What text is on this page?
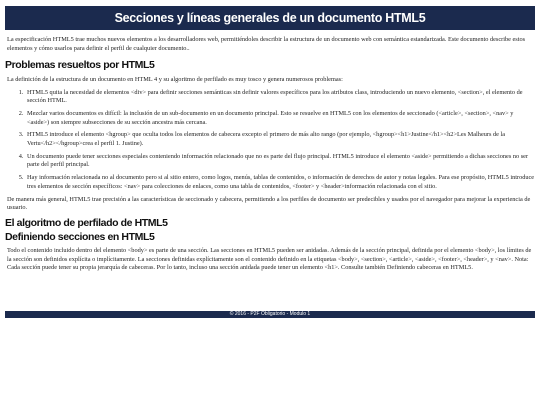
Secciones y líneas generales de un documento HTML5

La especificación HTML5 trae muchos nuevos elementos a los desarrolladores web, permitiéndoles describir la estructura de un documento web con semántica estandarizada. Este documento describe estos elementos y cómo usarlos para definir el perfil de cualquier documento..

Problemas resueltos por HTML5

La definición de la estructura de un documento en HTML 4 y su algoritmo de perfilado es muy tosco y genera numerosos problemas:

1. HTML5 quita la necesidad de elementos <div> para definir secciones semánticas sin definir valores específicos para los atributos class, introduciendo un nuevo elemento, <section>, el elemento de sección HTML.
2. Mezclar varios documentos es difícil: la inclusión de un sub-documento en un documento principal. Esto se resuelve en HTML5 con los elementos de seccionado (<article>, <section>, <nav> y <aside>) son siempre subsecciones de su sección ancestra más cercana.
3. HTML5 introduce el elemento <hgroup> que oculta todos los elementos de cabecera excepto el primero de más alto rango (por ejemplo, <hgroup><h1>Justine</h1><h2>Les Malheurs de la Vertu</h2></hgroup>crea el perfil 1. Justine).
4. Un documento puede tener secciones especiales conteniendo información relacionado que no es parte del flujo principal. HTML5 introduce el elemento <aside> permitiendo a dichas secciones no ser parte del perfil principal.
5. Hay información relacionada no al documento pero si al sitio entero, como logos, menús, tablas de contenidos, o información de derechos de autor y notas legales. Para ese propósito, HTML5 introduce tres elementos de sección específicos: <nav> para colecciones de enlaces, como una tabla de contenidos, <footer> y <header>información relacionada con el sitio.

De manera más general, HTML5 trae precisión a las características de seccionado y cabecera, permitiendo a los perfiles de documento ser predecibles y usados por el navegador para mejorar la experiencia de usuario.

El algoritmo de perfilado de HTML5
Definiendo secciones en HTML5

Todo el contenido incluido dentro del elemento <body> es parte de una sección. Las secciones en HTML5 pueden ser anidadas. Además de la sección principal, definida por el elemento <body>, los límites de la sección son definidos explícita o implícitamente. La secciones definidas explícitamente son el contenido definido en la etiquetas <body>, <section>, <article>, <aside>, <footer>, <header>, y <nav>. Nota: Cada sección puede tener su propia jerarquía de cabeceras. Por lo tanto, incluso una sección anidada puede tener un elemento <h1>. Consulte también Definiendo cabeceras en HTML5.

© 2016 - P2F Obligatorio - Modulo 1
